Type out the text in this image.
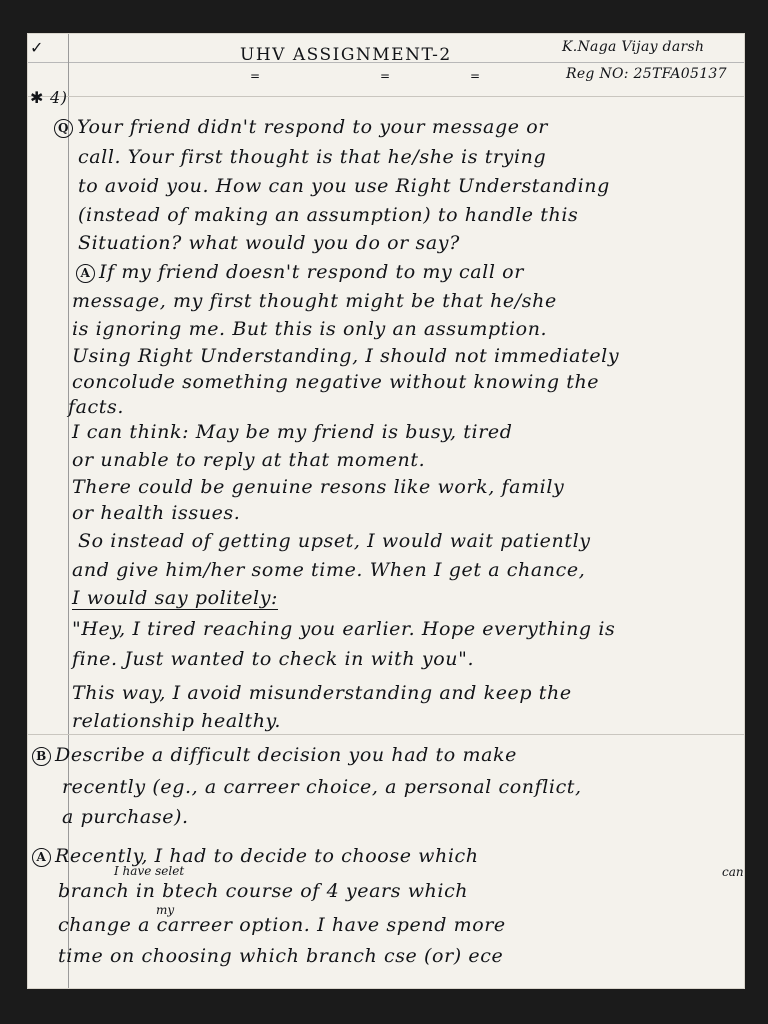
✓
✱
UHV ASSIGNMENT-2
=	=	=
K.Naga Vijay darsh
Reg NO: 25TFA05137
4)
Q Your friend didn't respond to your message or
call. Your first thought is that he/she is trying
to avoid you. How can you use Right Understanding
(instead of making an assumption) to handle this
Situation? what would you do or say?
A If my friend doesn't respond to my call or
message, my first thought might be that he/she
is ignoring me. But this is only an assumption.
Using Right Understanding, I should not immediately
concolude something negative without knowing the
facts.
I can think: May be my friend is busy, tired
or unable to reply at that moment.
There could be genuine resons like work, family
or health issues.
So instead of getting upset, I would wait patiently
and give him/her some time. When I get a chance,
I would say politely:
"Hey, I tired reaching you earlier. Hope everything is
fine. Just wanted to check in with you".
This way, I avoid misunderstanding and keep the
relationship healthy.
B Describe a difficult decision you had to make
recently (eg., a carreer choice, a personal conflict,
a purchase).
A Recently, I had to decide to choose which
I have selet	can
branch in btech course of 4 years which
my
change a carreer option. I have spend more
time on choosing which branch cse (or) ece
